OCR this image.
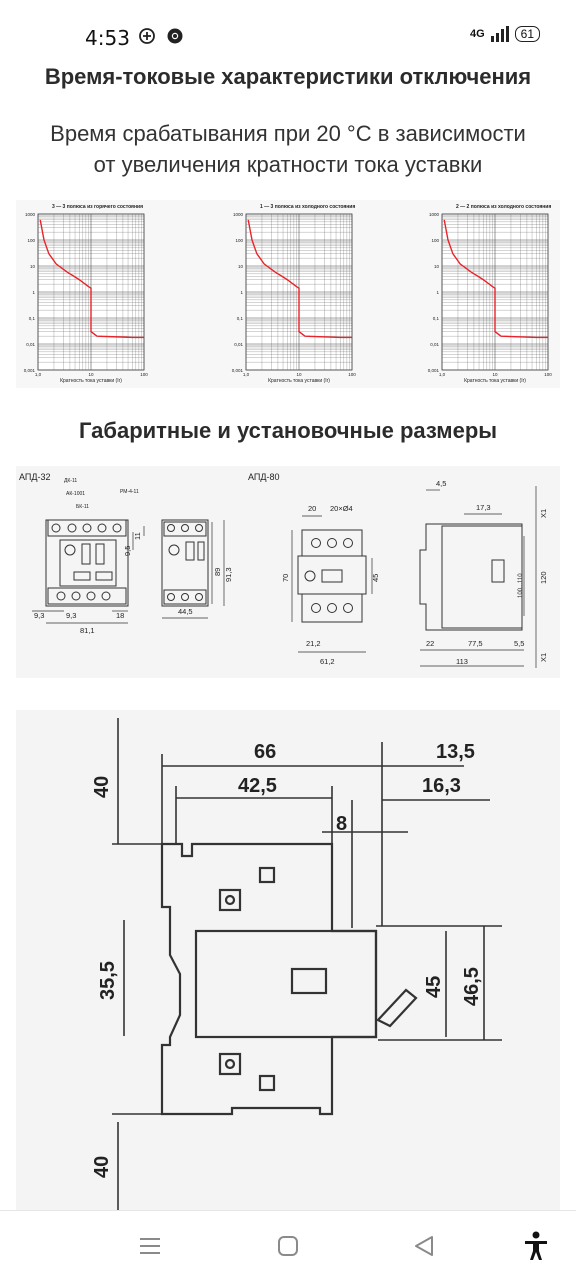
4:53	4G	61
Время-токовые характеристики отключения
Время срабатывания при 20 °С в зависимости
от увеличения кратности тока уставки
3 — 3 полюса из горячего состояния
1000
100
10
1
0,1
0,01
0,001
1,0	10	100
Кратность тока уставки (Ir)
1 — 3 полюса из холодного состояния
1000
100
10
1
0,1
0,01
0,001
1,0	10	100
Кратность тока уставки (Ir)
2 — 2 полюса из холодного состояния
1000
100
10
1
0,1
0,01
0,001
1,0	10	100
Кратность тока уставки (Ir)
Габаритные и установочные размеры
АПД-32	ДК-11
АК-1001
БК-11
РМ-4-11
9,5
11
89 91,3
9,3	9,3	18
81,1
44,5
АПД-80
20 20×Ø4
70	45
21,2
61,2
4,5
17,3
X1
120
100...110
X1
22	77,5	5,5
113
40
66	13,5
42,5	16,3
8
35,5	45 46,5
40
